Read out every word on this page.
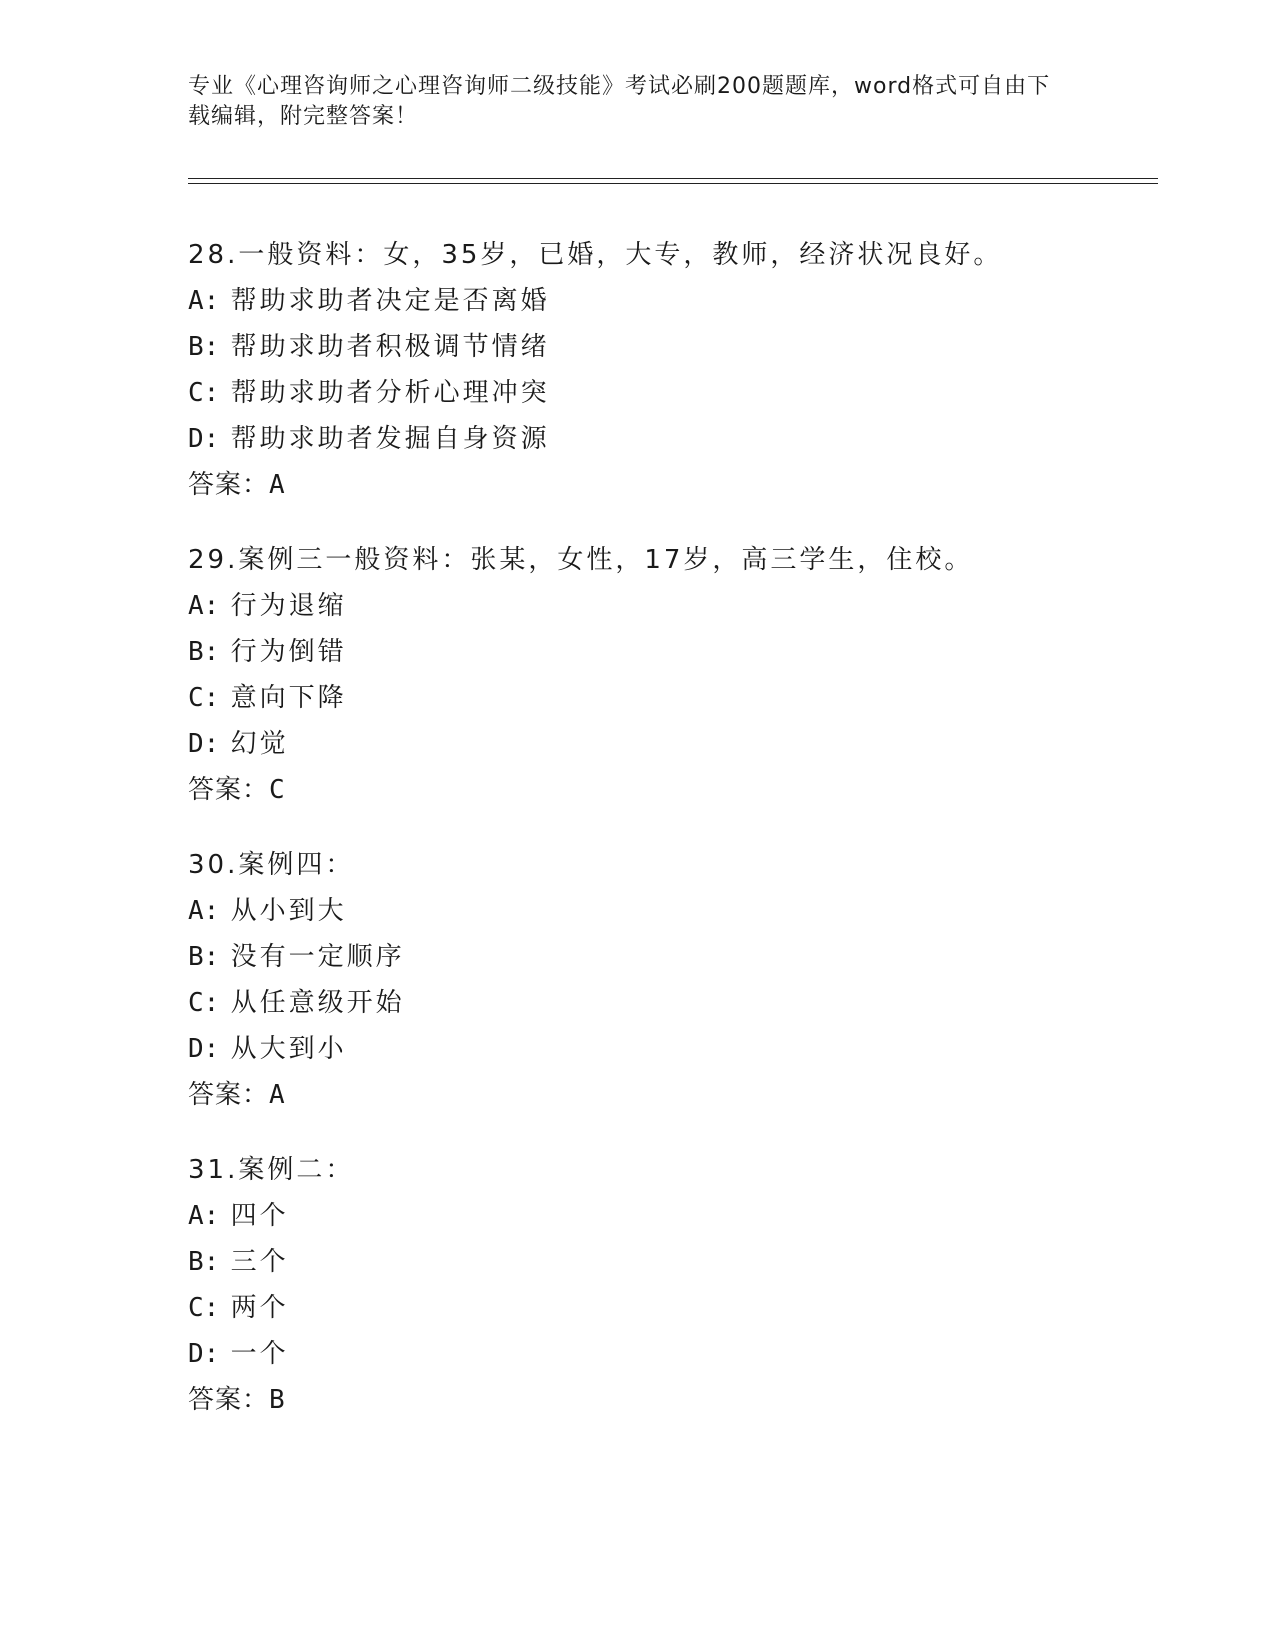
专业《心理咨询师之心理咨询师二级技能》考试必刷200题题库，word格式可自由下载编辑，附完整答案！
28.一般资料：女，35岁，已婚，大专，教师，经济状况良好。
A: 帮助求助者决定是否离婚
B: 帮助求助者积极调节情绪
C: 帮助求助者分析心理冲突
D: 帮助求助者发掘自身资源
答案：A
29.案例三一般资料：张某，女性，17岁，高三学生，住校。
A: 行为退缩
B: 行为倒错
C: 意向下降
D: 幻觉
答案：C
30.案例四：
A: 从小到大
B: 没有一定顺序
C: 从任意级开始
D: 从大到小
答案：A
31.案例二：
A: 四个
B: 三个
C: 两个
D: 一个
答案：B
